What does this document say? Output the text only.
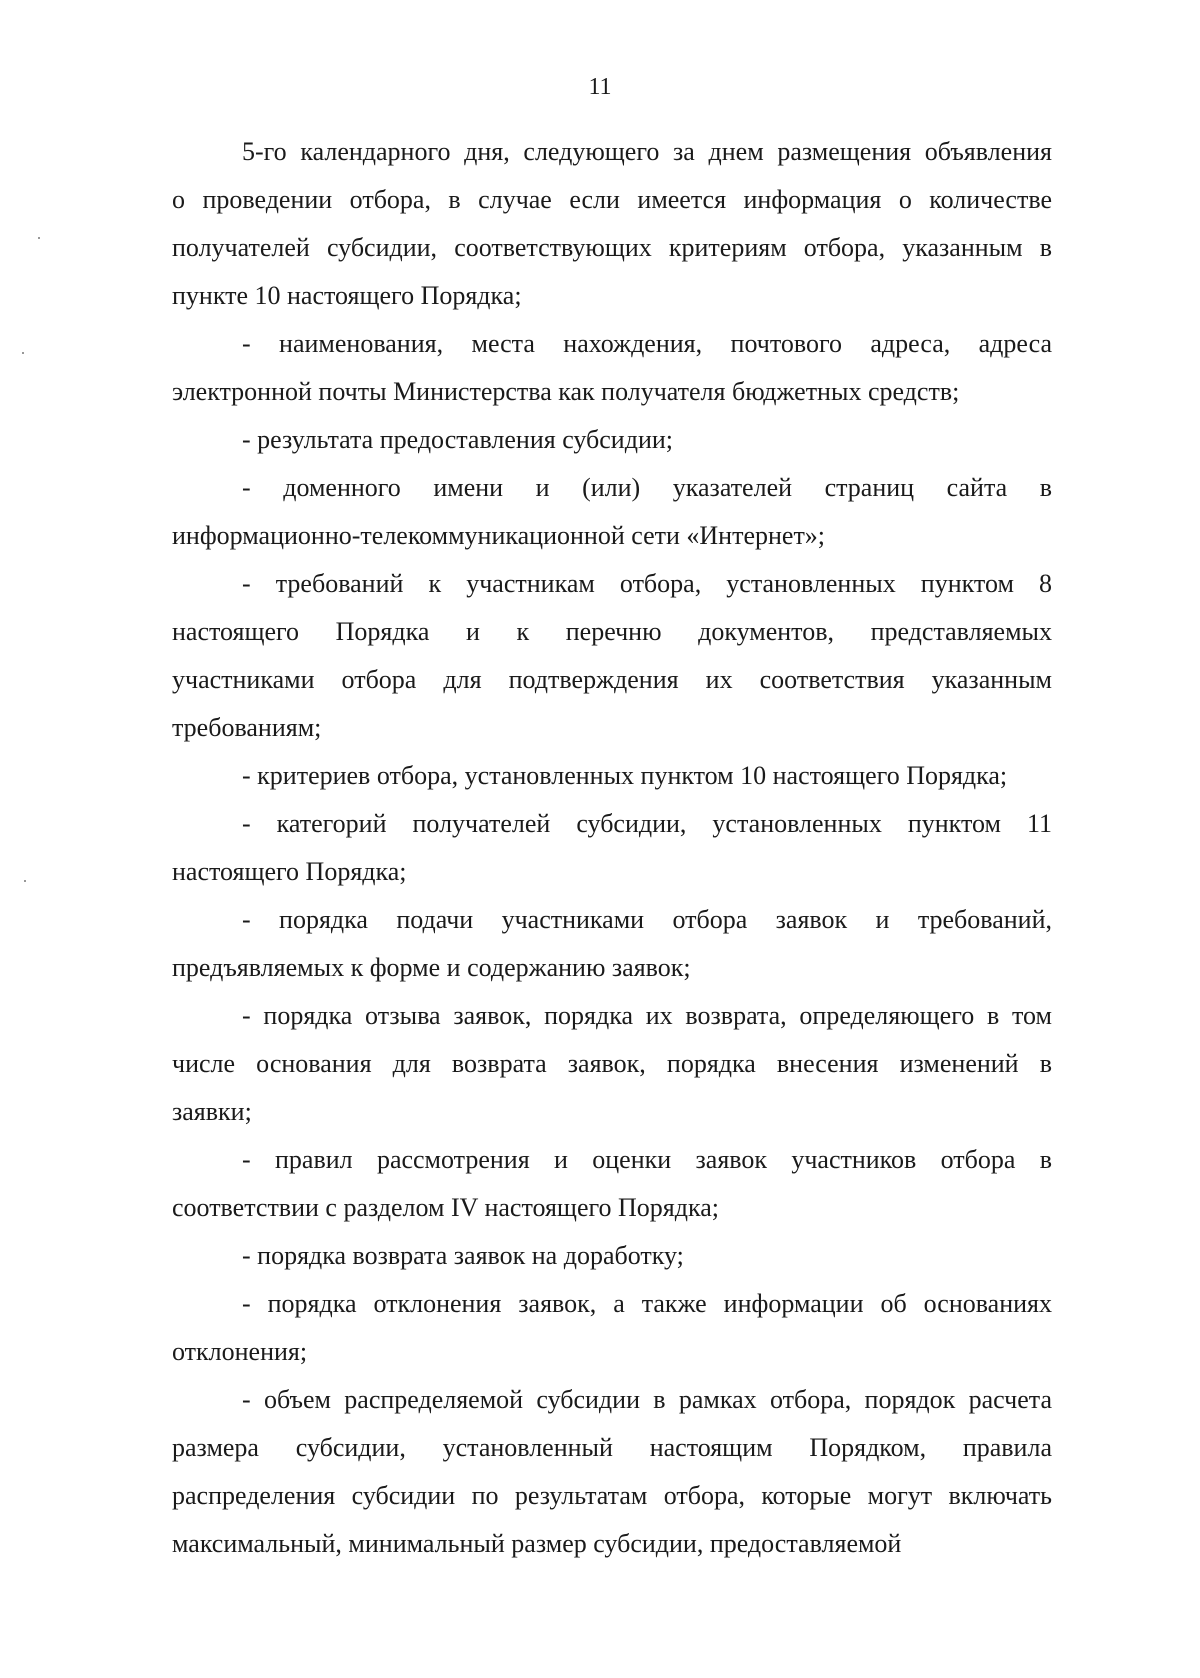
11

5-го календарного дня, следующего за днем размещения объявления
о проведении отбора, в случае если имеется информация о количестве
получателей субсидии, соответствующих критериям отбора, указанным в
пункте 10 настоящего Порядка;

- наименования, места нахождения, почтового адреса, адреса
электронной почты Министерства как получателя бюджетных средств;

- результата предоставления субсидии;

- доменного имени и (или) указателей страниц сайта в
информационно-телекоммуникационной сети «Интернет»;

- требований к участникам отбора, установленных пунктом 8
настоящего Порядка и к перечню документов, представляемых
участниками отбора для подтверждения их соответствия указанным
требованиям;

- критериев отбора, установленных пунктом 10 настоящего Порядка;

- категорий получателей субсидии, установленных пунктом 11
настоящего Порядка;

- порядка подачи участниками отбора заявок и требований,
предъявляемых к форме и содержанию заявок;

- порядка отзыва заявок, порядка их возврата, определяющего в том
числе основания для возврата заявок, порядка внесения изменений в
заявки;

- правил рассмотрения и оценки заявок участников отбора в
соответствии с разделом IV настоящего Порядка;

- порядка возврата заявок на доработку;

- порядка отклонения заявок, а также информации об основаниях
отклонения;

- объем распределяемой субсидии в рамках отбора, порядок расчета
размера субсидии, установленный настоящим Порядком, правила
распределения субсидии по результатам отбора, которые могут включать
максимальный, минимальный размер субсидии, предоставляемой
